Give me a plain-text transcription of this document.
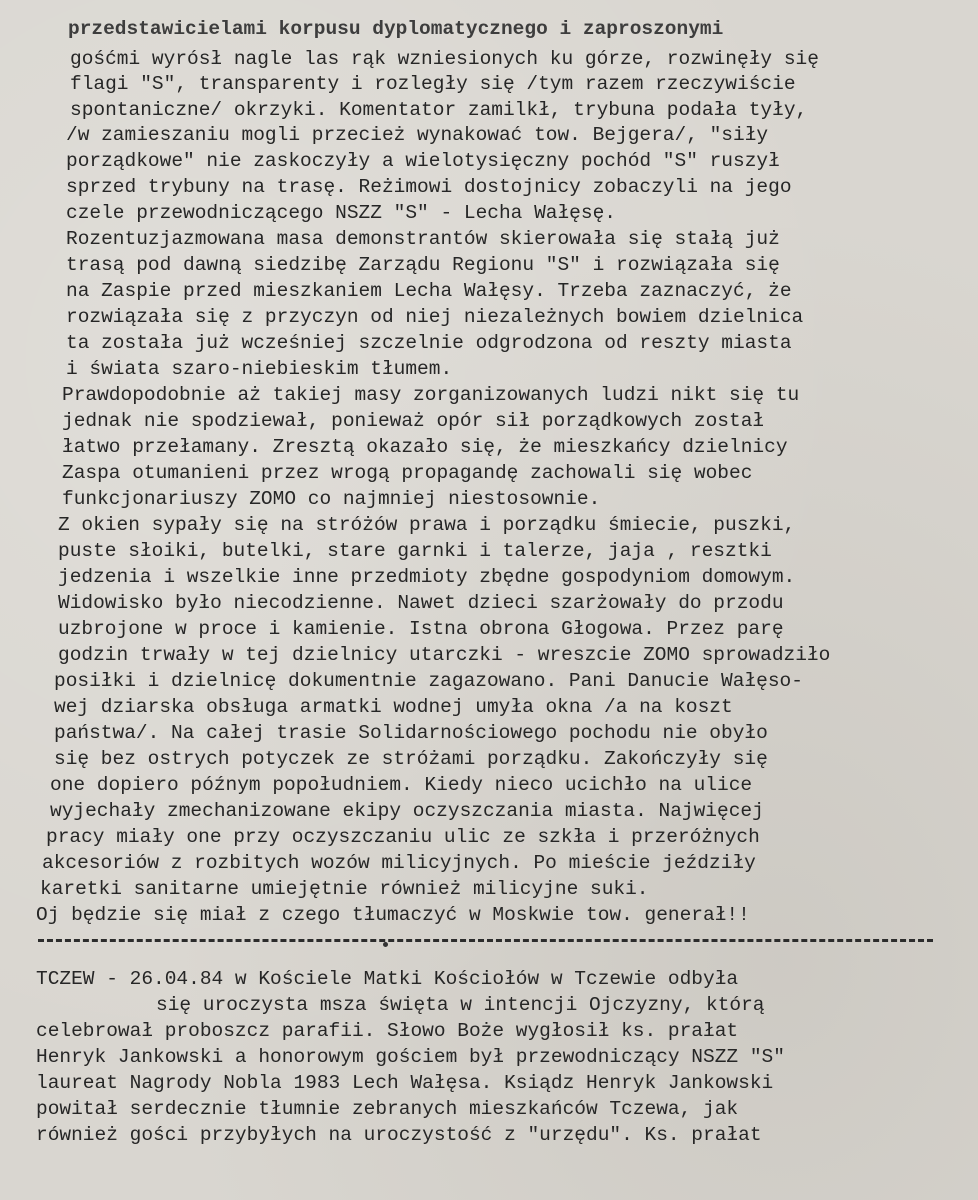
przedstawicielami korpusu dyplomatycznego i zaproszonymi
gośćmi wyrósł nagle las rąk wzniesionych ku górze, rozwinęły się
flagi "S", transparenty i rozległy się /tym razem rzeczywiście
spontaniczne/ okrzyki. Komentator zamilkł, trybuna podała tyły,
/w zamieszaniu mogli przecież wynakować tow. Bejgera/, "siły
porządkowe" nie zaskoczyły a wielotysięczny pochód "S" ruszył
sprzed trybuny na trasę. Reżimowi dostojnicy zobaczyli na jego
czele przewodniczącego NSZZ "S" - Lecha Wałęsę.
Rozentuzjazmowana masa demonstrantów skierowała się stałą już
trasą pod dawną siedzibę Zarządu Regionu "S" i rozwiązała się
na Zaspie przed mieszkaniem Lecha Wałęsy. Trzeba zaznaczyć, że
rozwiązała się z przyczyn od niej niezależnych bowiem dzielnica
ta została już wcześniej szczelnie odgrodzona od reszty miasta
i świata szaro-niebieskim tłumem.
Prawdopodobnie aż takiej masy zorganizowanych ludzi nikt się tu
jednak nie spodziewał, ponieważ opór sił porządkowych został
łatwo przełamany. Zresztą okazało się, że mieszkańcy dzielnicy
Zaspa otumanieni przez wrogą propagandę zachowali się wobec
funkcjonariuszy ZOMO co najmniej niestosownie.
Z okien sypały się na stróżów prawa i porządku śmiecie, puszki,
puste słoiki, butelki, stare garnki i talerze, jaja , resztki
jedzenia i wszelkie inne przedmioty zbędne gospodyniom domowym.
Widowisko było niecodzienne. Nawet dzieci szarżowały do przodu
uzbrojone w proce i kamienie. Istna obrona Głogowa. Przez parę
godzin trwały w tej dzielnicy utarczki - wreszcie ZOMO sprowadziło
posiłki i dzielnicę dokumentnie zagazowano. Pani Danucie Wałęso-
wej dziarska obsługa armatki wodnej umyła okna /a na koszt
państwa/. Na całej trasie Solidarnościowego pochodu nie obyło
się bez ostrych potyczek ze stróżami porządku. Zakończyły się
one dopiero późnym popołudniem. Kiedy nieco ucichło na ulice
wyjechały zmechanizowane ekipy oczyszczania miasta. Najwięcej
pracy miały one przy oczyszczaniu ulic ze szkła i przeróżnych
akcesoriów z rozbitych wozów milicyjnych. Po mieście jeździły
karetki sanitarne umiejętnie również milicyjne suki.
Oj będzie się miał z czego tłumaczyć w Moskwie tow. generał!!
TCZEW - 26.04.84 w Kościele Matki Kościołów w Tczewie odbyła
się uroczysta msza święta w intencji Ojczyzny, którą
celebrował proboszcz parafii. Słowo Boże wygłosił ks. prałat
Henryk Jankowski a honorowym gościem był przewodniczący NSZZ "S"
laureat Nagrody Nobla 1983 Lech Wałęsa. Ksiądz Henryk Jankowski
powitał serdecznie tłumnie zebranych mieszkańców Tczewa, jak
również gości przybyłych na uroczystość z "urzędu". Ks. prałat
